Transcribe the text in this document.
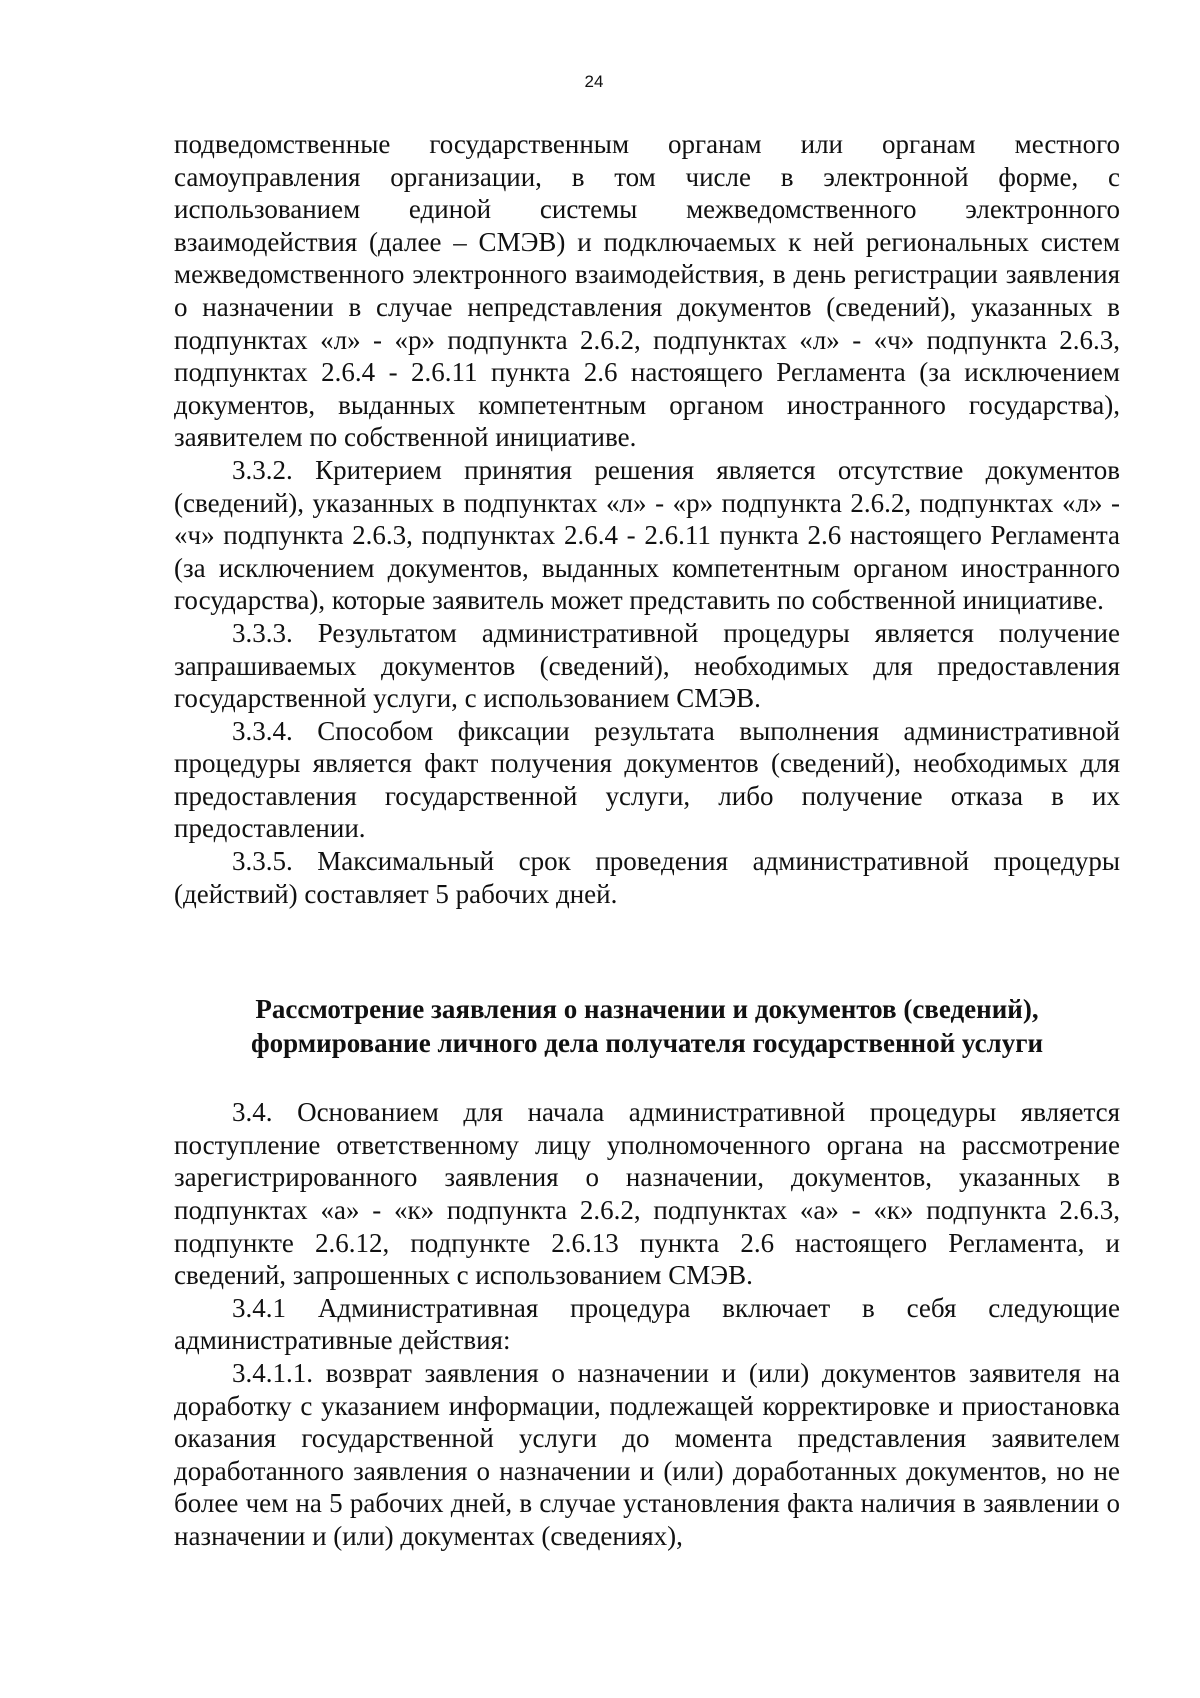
24

подведомственные государственным органам или органам местного самоуправления организации, в том числе в электронной форме, с использованием единой системы межведомственного электронного взаимодействия (далее – СМЭВ) и подключаемых к ней региональных систем межведомственного электронного взаимодействия, в день регистрации заявления о назначении в случае непредставления документов (сведений), указанных в подпунктах «л» - «р» подпункта 2.6.2, подпунктах «л» - «ч» подпункта 2.6.3, подпунктах 2.6.4 - 2.6.11 пункта 2.6 настоящего Регламента (за исключением документов, выданных компетентным органом иностранного государства), заявителем по собственной инициативе.

3.3.2. Критерием принятия решения является отсутствие документов (сведений), указанных в подпунктах «л» - «р» подпункта 2.6.2, подпунктах «л» - «ч» подпункта 2.6.3, подпунктах 2.6.4 - 2.6.11 пункта 2.6 настоящего Регламента (за исключением документов, выданных компетентным органом иностранного государства), которые заявитель может представить по собственной инициативе.

3.3.3. Результатом административной процедуры является получение запрашиваемых документов (сведений), необходимых для предоставления государственной услуги, с использованием СМЭВ.

3.3.4. Способом фиксации результата выполнения административной процедуры является факт получения документов (сведений), необходимых для предоставления государственной услуги, либо получение отказа в их предоставлении.

3.3.5. Максимальный срок проведения административной процедуры (действий) составляет 5 рабочих дней.

Рассмотрение заявления о назначении и документов (сведений),
формирование личного дела получателя государственной услуги

3.4. Основанием для начала административной процедуры является поступление ответственному лицу уполномоченного органа на рассмотрение зарегистрированного заявления о назначении, документов, указанных в подпунктах «а» - «к» подпункта 2.6.2, подпунктах «а» - «к» подпункта 2.6.3, подпункте 2.6.12, подпункте 2.6.13 пункта 2.6 настоящего Регламента, и сведений, запрошенных с использованием СМЭВ.

3.4.1 Административная процедура включает в себя следующие административные действия:

3.4.1.1. возврат заявления о назначении и (или) документов заявителя на доработку с указанием информации, подлежащей корректировке и приостановка оказания государственной услуги до момента представления заявителем доработанного заявления о назначении и (или) доработанных документов, но не более чем на 5 рабочих дней, в случае установления факта наличия в заявлении о назначении и (или) документах (сведениях),
